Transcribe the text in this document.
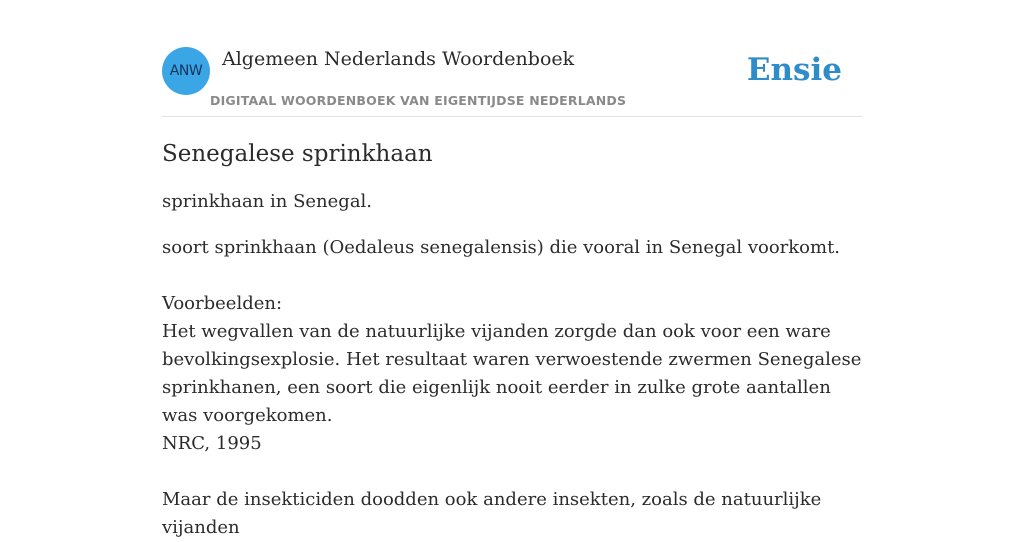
ANW
Algemeen Nederlands Woordenboek
DIGITAAL WOORDENBOEK VAN EIGENTIJDSE NEDERLANDS
Ensie
Senegalese sprinkhaan

sprinkhaan in Senegal.

soort sprinkhaan (Oedaleus senegalensis) die vooral in Senegal voorkomt.

Voorbeelden:
Het wegvallen van de natuurlijke vijanden zorgde dan ook voor een ware bevolkingsexplosie. Het resultaat waren verwoestende zwermen Senegalese sprinkhanen, een soort die eigenlijk nooit eerder in zulke grote aantallen was voorgekomen.
NRC, 1995

Maar de insekticiden doodden ook andere insekten, zoals de natuurlijke vijanden
